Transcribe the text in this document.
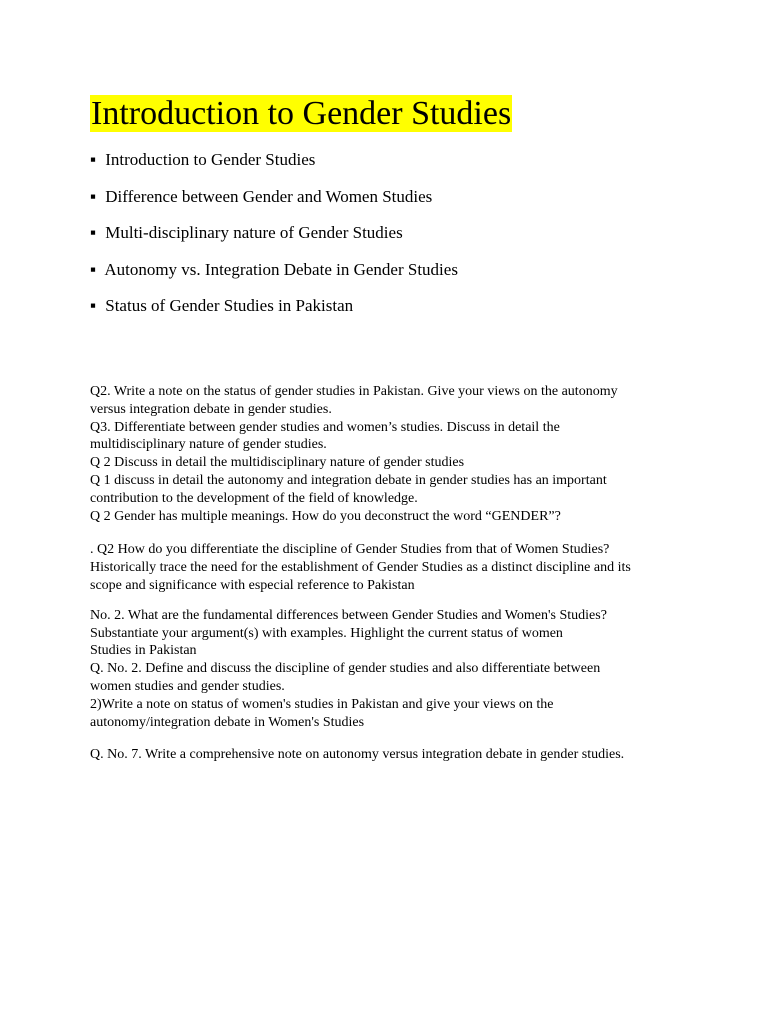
Introduction to Gender Studies
▪ Introduction to Gender Studies
▪ Difference between Gender and Women Studies
▪ Multi-disciplinary nature of Gender Studies
▪ Autonomy vs. Integration Debate in Gender Studies
▪ Status of Gender Studies in Pakistan
Q2. Write a note on the status of gender studies in Pakistan. Give your views on the autonomy
versus integration debate in gender studies.
Q3. Differentiate between gender studies and women’s studies. Discuss in detail the
multidisciplinary nature of gender studies.
Q 2 Discuss in detail the multidisciplinary nature of gender studies
Q 1 discuss in detail the autonomy and integration debate in gender studies has an important
contribution to the development of the field of knowledge.
Q 2 Gender has multiple meanings. How do you deconstruct the word “GENDER”?
. Q2 How do you differentiate the discipline of Gender Studies from that of Women Studies?
Historically trace the need for the establishment of Gender Studies as a distinct discipline and its
scope and significance with especial reference to Pakistan
No. 2. What are the fundamental differences between Gender Studies and Women's Studies?
Substantiate your argument(s) with examples. Highlight the current status of women
Studies in Pakistan
Q. No. 2. Define and discuss the discipline of gender studies and also differentiate between
women studies and gender studies.
2)Write a note on status of women's studies in Pakistan and give your views on the
autonomy/integration debate in Women's Studies
Q. No. 7. Write a comprehensive note on autonomy versus integration debate in gender studies.
